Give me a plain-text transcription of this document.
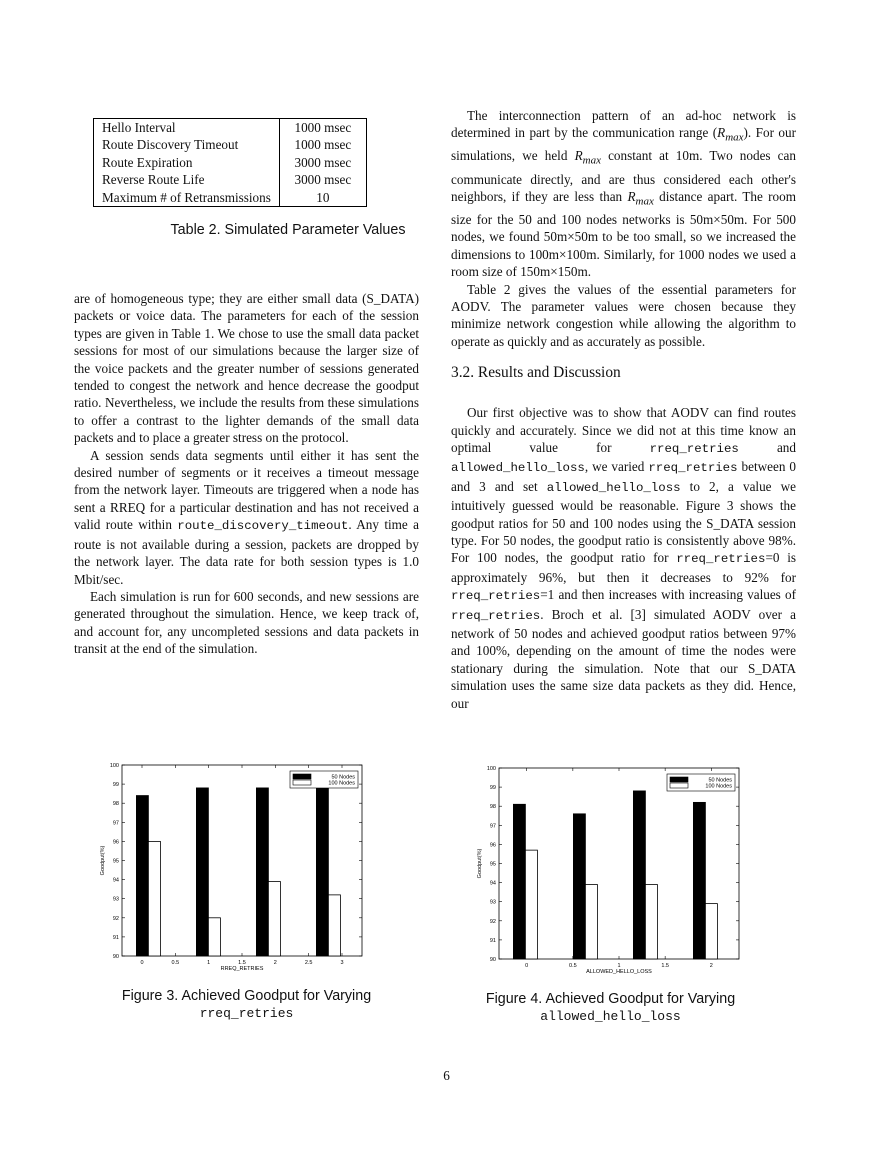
Hello Interval	1000 msec
Route Discovery Timeout	1000 msec
Route Expiration	3000 msec
Reverse Route Life	3000 msec
Maximum # of Retransmissions	10
Table 2. Simulated Parameter Values

are of homogeneous type; they are either small data (S_DATA) packets or voice data. The parameters for each of the session types are given in Table 1. We chose to use the small data packet sessions for most of our simulations because the larger size of the voice packets and the greater number of sessions generated tended to congest the network and hence decrease the goodput ratio. Nevertheless, we include the results from these simulations to offer a contrast to the lighter demands of the small data packets and to place a greater stress on the protocol.

A session sends data segments until either it has sent the desired number of segments or it receives a timeout message from the network layer. Timeouts are triggered when a node has sent a RREQ for a particular destination and has not received a valid route within route_discovery_timeout. Any time a route is not available during a session, packets are dropped by the network layer. The data rate for both session types is 1.0 Mbit/sec.

Each simulation is run for 600 seconds, and new sessions are generated throughout the simulation. Hence, we keep track of, and account for, any uncompleted sessions and data packets in transit at the end of the simulation.

The interconnection pattern of an ad-hoc network is determined in part by the communication range $(R_{max})$. For our simulations, we held $R_{max}$ constant at 10m. Two nodes can communicate directly, and are thus considered each other's neighbors, if they are less than $R_{max}$ distance apart. The room size for the 50 and 100 nodes networks is 50m×50m. For 500 nodes, we found 50m×50m to be too small, so we increased the dimensions to 100m×100m. Similarly, for 1000 nodes we used a room size of 150m×150m.

Table 2 gives the values of the essential parameters for AODV. The parameter values were chosen because they minimize network congestion while allowing the algorithm to operate as quickly and as accurately as possible.

3.2. Results and Discussion

Our first objective was to show that AODV can find routes quickly and accurately. Since we did not at this time know an optimal value for rreq_retries and allowed_hello_loss, we varied rreq_retries between 0 and 3 and set allowed_hello_loss to 2, a value we intuitively guessed would be reasonable. Figure 3 shows the goodput ratios for 50 and 100 nodes using the S_DATA session type. For 50 nodes, the goodput ratio is consistently above 98%. For 100 nodes, the goodput ratio for rreq_retries=0 is approximately 96%, but then it decreases to 92% for rreq_retries=1 and then increases with increasing values of rreq_retries. Broch et al. [3] simulated AODV over a network of 50 nodes and achieved goodput ratios between 97% and 100%, depending on the amount of time the nodes were stationary during the simulation. Note that our S_DATA simulation uses the same size data packets as they did. Hence, our

90
91
92
93
94
95
96
97
98
99
100
0	0.5	1	1.5	2	2.5	3
RREQ_RETRIES
Goodput(%)
50 Nodes
100 Nodes
Figure 3. Achieved Goodput for Varying
rreq_retries
90
91
92
93
94
95
96
97
98
99
100
0	0.5	1	1.5	2
ALLOWED_HELLO_LOSS
Goodput(%)
50 Nodes
100 Nodes
Figure 4. Achieved Goodput for Varying
allowed_hello_loss
6
